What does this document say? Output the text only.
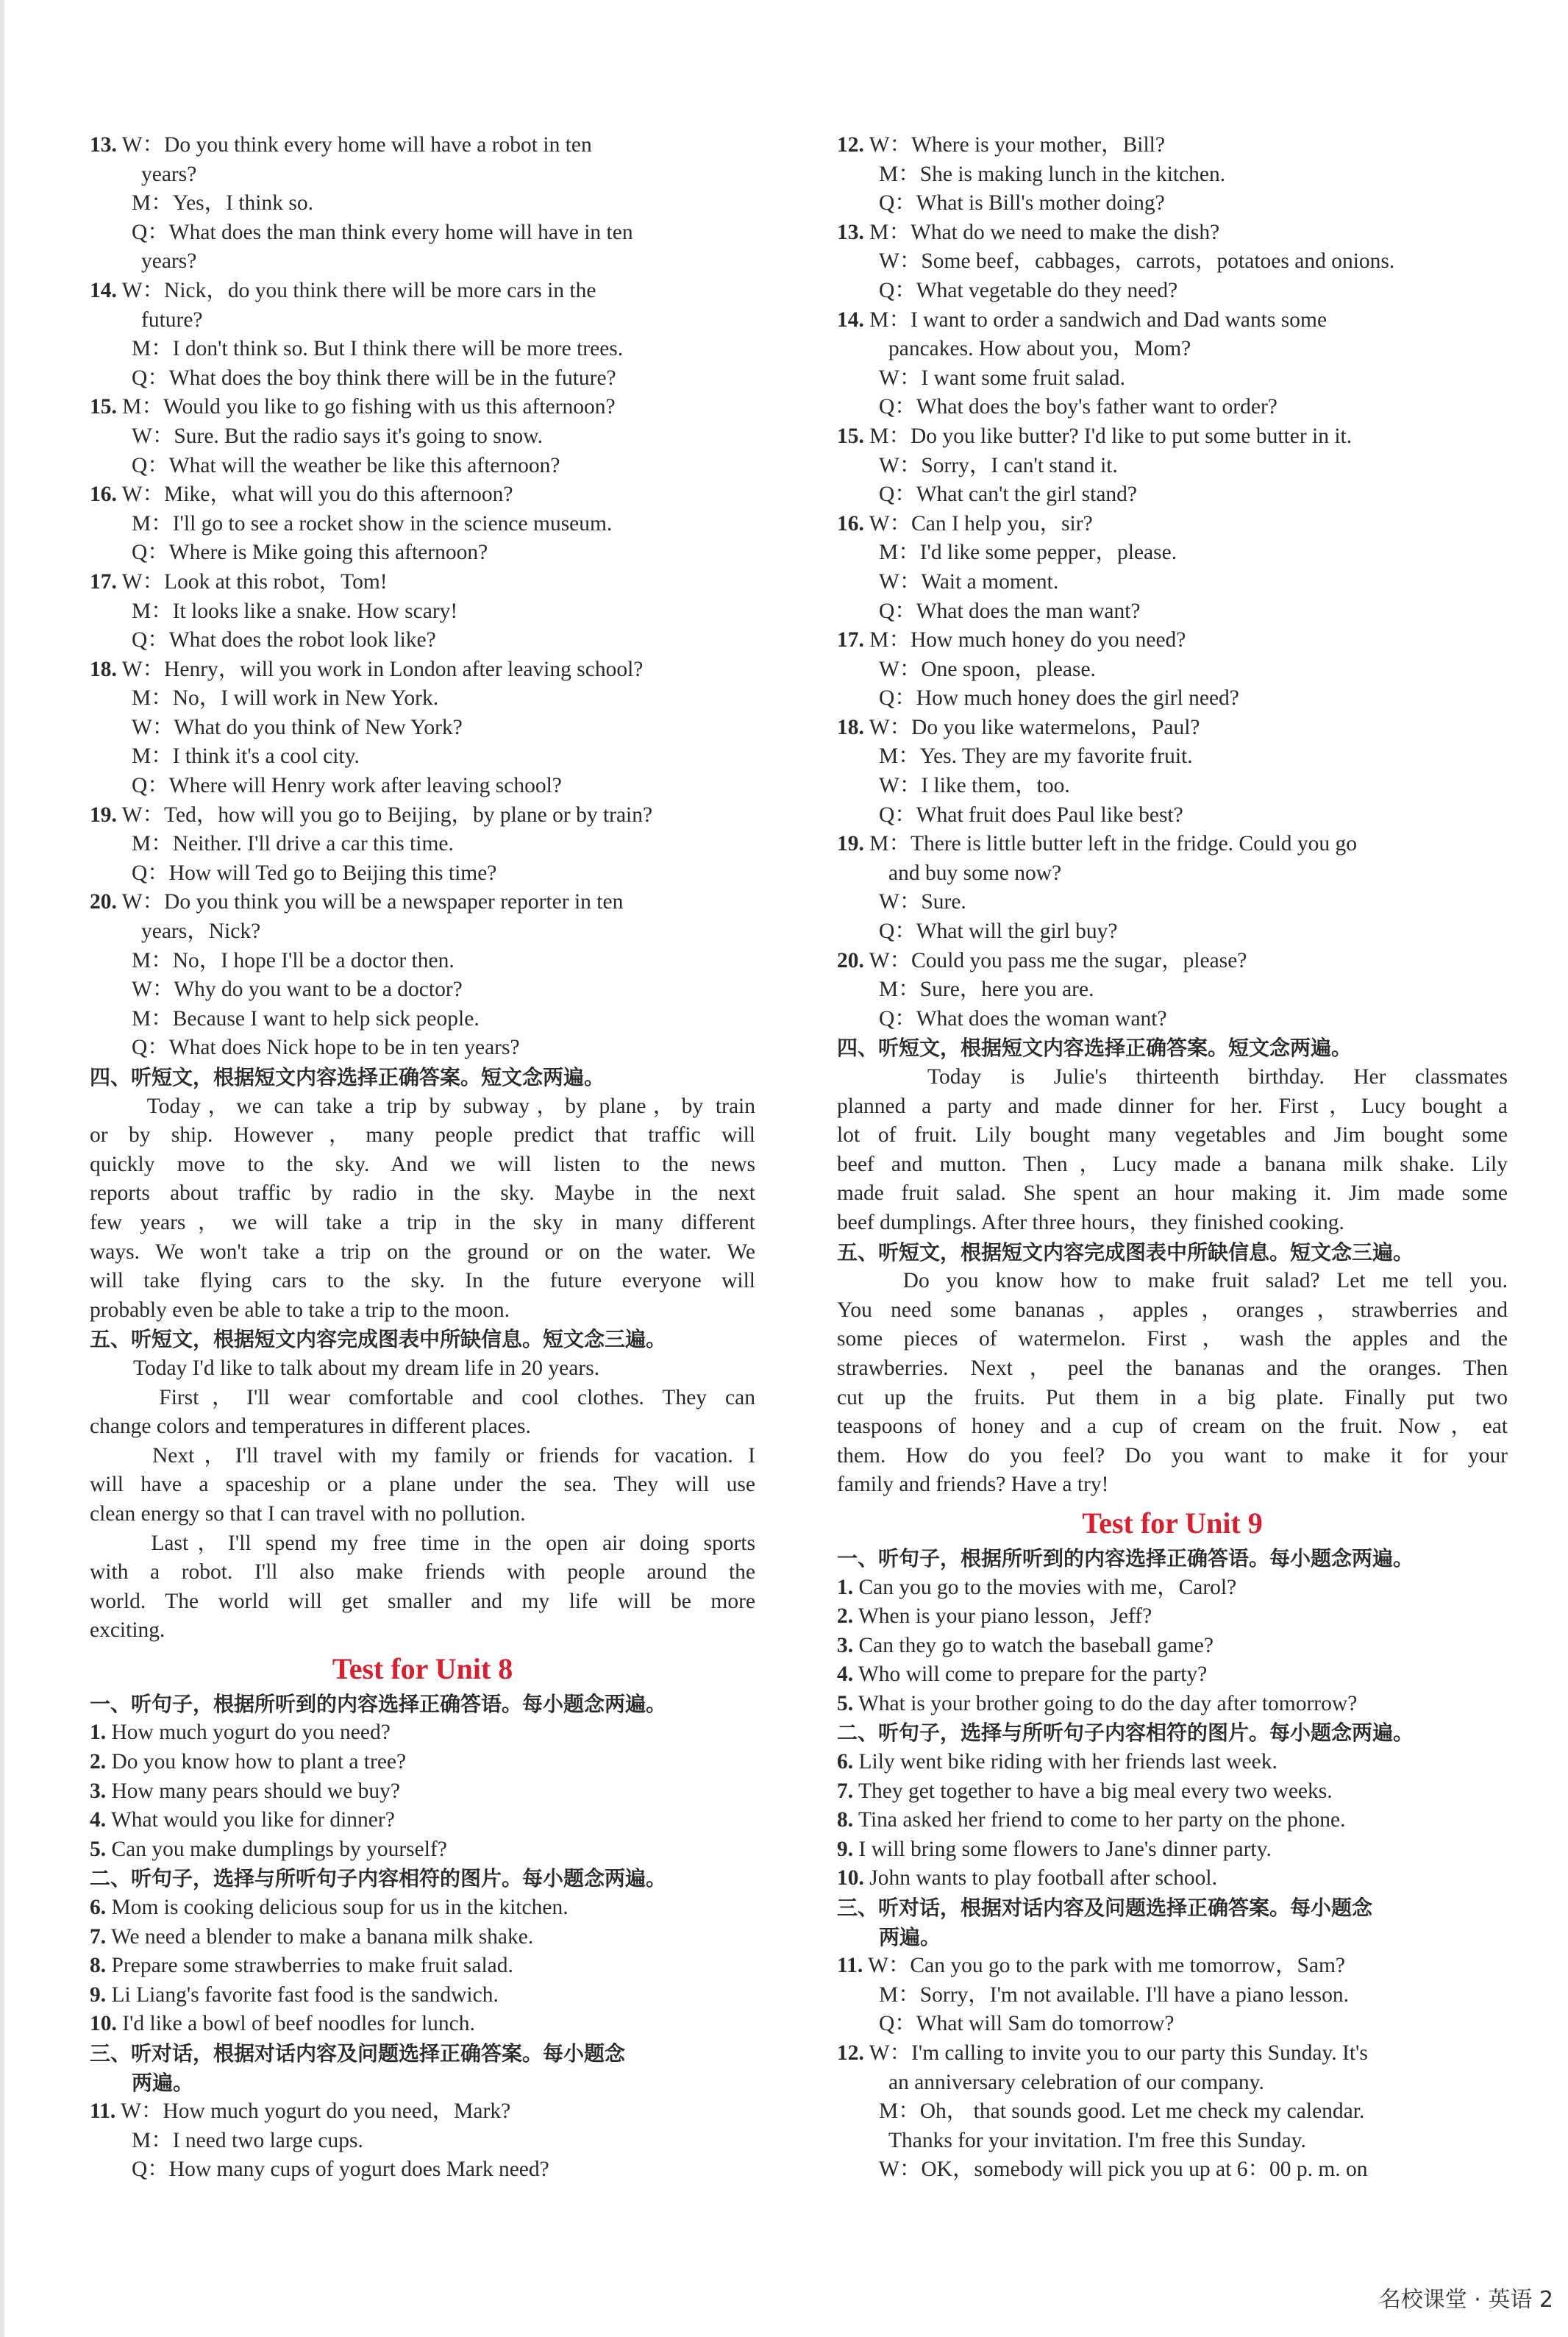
13. W：Do you think every home will have a robot in ten
years?
M：Yes，I think so.
Q：What does the man think every home will have in ten
years?
14. W：Nick，do you think there will be more cars in the
future?
M：I don't think so. But I think there will be more trees.
Q：What does the boy think there will be in the future?
15. M：Would you like to go fishing with us this afternoon?
W：Sure. But the radio says it's going to snow.
Q：What will the weather be like this afternoon?
16. W：Mike，what will you do this afternoon?
M：I'll go to see a rocket show in the science museum.
Q：Where is Mike going this afternoon?
17. W：Look at this robot，Tom!
M：It looks like a snake. How scary!
Q：What does the robot look like?
18. W：Henry，will you work in London after leaving school?
M：No，I will work in New York.
W：What do you think of New York?
M：I think it's a cool city.
Q：Where will Henry work after leaving school?
19. W：Ted，how will you go to Beijing，by plane or by train?
M：Neither. I'll drive a car this time.
Q：How will Ted go to Beijing this time?
20. W：Do you think you will be a newspaper reporter in ten
years，Nick?
M：No，I hope I'll be a doctor then.
W：Why do you want to be a doctor?
M：Because I want to help sick people.
Q：What does Nick hope to be in ten years?
四、听短文，根据短文内容选择正确答案。短文念两遍。
　　Today，we can take a trip by subway，by plane，by train
or by ship. However，many people predict that traffic will
quickly move to the sky. And we will listen to the news
reports about traffic by radio in the sky. Maybe in the next
few years，we will take a trip in the sky in many different
ways. We won't take a trip on the ground or on the water. We
will take flying cars to the sky. In the future everyone will
probably even be able to take a trip to the moon.
五、听短文，根据短文内容完成图表中所缺信息。短文念三遍。
　　Today I'd like to talk about my dream life in 20 years.
　　First，I'll wear comfortable and cool clothes. They can
change colors and temperatures in different places.
　　Next，I'll travel with my family or friends for vacation. I
will have a spaceship or a plane under the sea. They will use
clean energy so that I can travel with no pollution.
　　Last，I'll spend my free time in the open air doing sports
with a robot. I'll also make friends with people around the
world. The world will get smaller and my life will be more
exciting.
Test for Unit 8
一、听句子，根据所听到的内容选择正确答语。每小题念两遍。
1. How much yogurt do you need?
2. Do you know how to plant a tree?
3. How many pears should we buy?
4. What would you like for dinner?
5. Can you make dumplings by yourself?
二、听句子，选择与所听句子内容相符的图片。每小题念两遍。
6. Mom is cooking delicious soup for us in the kitchen.
7. We need a blender to make a banana milk shake.
8. Prepare some strawberries to make fruit salad.
9. Li Liang's favorite fast food is the sandwich.
10. I'd like a bowl of beef noodles for lunch.
三、听对话，根据对话内容及问题选择正确答案。每小题念
两遍。
11. W：How much yogurt do you need，Mark?
M：I need two large cups.
Q：How many cups of yogurt does Mark need?
12. W：Where is your mother，Bill?
M：She is making lunch in the kitchen.
Q：What is Bill's mother doing?
13. M：What do we need to make the dish?
W：Some beef，cabbages，carrots，potatoes and onions.
Q：What vegetable do they need?
14. M：I want to order a sandwich and Dad wants some
pancakes. How about you，Mom?
W：I want some fruit salad.
Q：What does the boy's father want to order?
15. M：Do you like butter? I'd like to put some butter in it.
W：Sorry，I can't stand it.
Q：What can't the girl stand?
16. W：Can I help you，sir?
M：I'd like some pepper，please.
W：Wait a moment.
Q：What does the man want?
17. M：How much honey do you need?
W：One spoon，please.
Q：How much honey does the girl need?
18. W：Do you like watermelons，Paul?
M：Yes. They are my favorite fruit.
W：I like them，too.
Q：What fruit does Paul like best?
19. M：There is little butter left in the fridge. Could you go
and buy some now?
W：Sure.
Q：What will the girl buy?
20. W：Could you pass me the sugar，please?
M：Sure，here you are.
Q：What does the woman want?
四、听短文，根据短文内容选择正确答案。短文念两遍。
　　Today is Julie's thirteenth birthday. Her classmates
planned a party and made dinner for her. First，Lucy bought a
lot of fruit. Lily bought many vegetables and Jim bought some
beef and mutton. Then，Lucy made a banana milk shake. Lily
made fruit salad. She spent an hour making it. Jim made some
beef dumplings. After three hours，they finished cooking.
五、听短文，根据短文内容完成图表中所缺信息。短文念三遍。
　　Do you know how to make fruit salad? Let me tell you.
You need some bananas，apples，oranges，strawberries and
some pieces of watermelon. First，wash the apples and the
strawberries. Next，peel the bananas and the oranges. Then
cut up the fruits. Put them in a big plate. Finally put two
teaspoons of honey and a cup of cream on the fruit. Now，eat
them. How do you feel? Do you want to make it for your
family and friends? Have a try!
Test for Unit 9
一、听句子，根据所听到的内容选择正确答语。每小题念两遍。
1. Can you go to the movies with me，Carol?
2. When is your piano lesson，Jeff?
3. Can they go to watch the baseball game?
4. Who will come to prepare for the party?
5. What is your brother going to do the day after tomorrow?
二、听句子，选择与所听句子内容相符的图片。每小题念两遍。
6. Lily went bike riding with her friends last week.
7. They get together to have a big meal every two weeks.
8. Tina asked her friend to come to her party on the phone.
9. I will bring some flowers to Jane's dinner party.
10. John wants to play football after school.
三、听对话，根据对话内容及问题选择正确答案。每小题念
两遍。
11. W：Can you go to the park with me tomorrow，Sam?
M：Sorry，I'm not available. I'll have a piano lesson.
Q：What will Sam do tomorrow?
12. W：I'm calling to invite you to our party this Sunday. It's
an anniversary celebration of our company.
M：Oh， that sounds good. Let me check my calendar.
Thanks for your invitation. I'm free this Sunday.
W：OK，somebody will pick you up at 6：00 p. m. on
名校课堂 · 英语 2
